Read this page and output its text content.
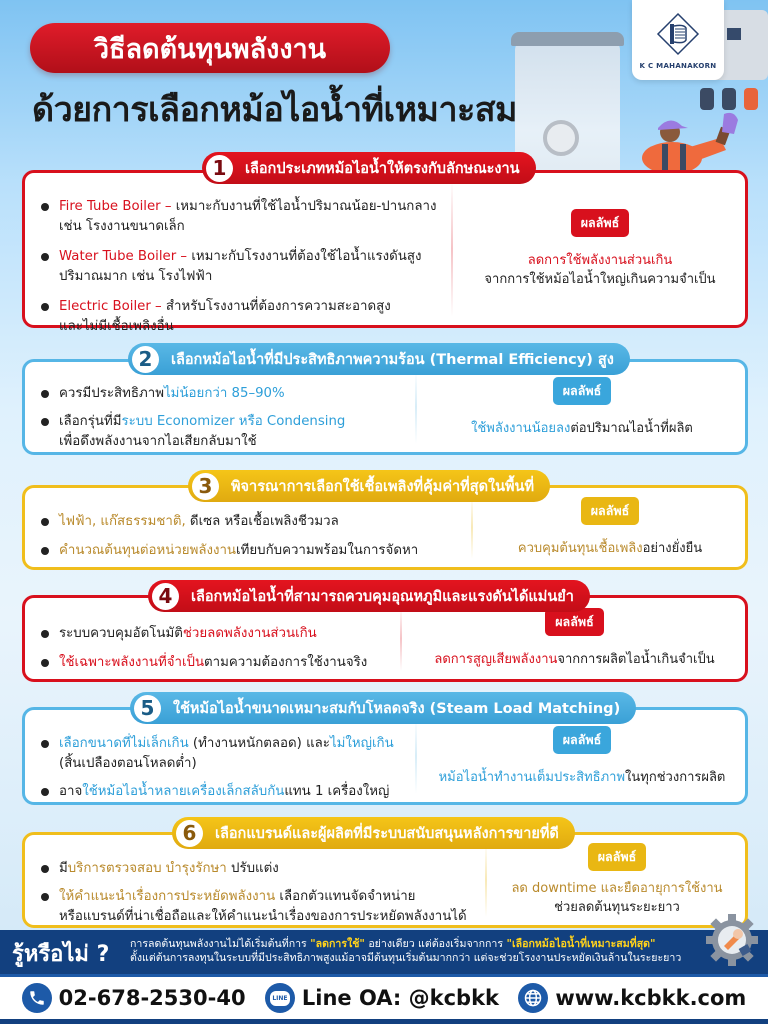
วิธีลดต้นทุนพลังงาน
ด้วยการเลือกหม้อไอน้ำที่เหมาะสม
K C MAHANAKORN
Fire Tube Boiler – เหมาะกับงานที่ใช้ไอน้ำปริมาณน้อย-ปานกลาง
เช่น โรงงานขนาดเล็ก
Water Tube Boiler – เหมาะกับโรงงานที่ต้องใช้ไอน้ำแรงดันสูง
ปริมาณมาก เช่น โรงไฟฟ้า
Electric Boiler – สำหรับโรงงานที่ต้องการความสะอาดสูง
และไม่มีเชื้อเพลิงอื่น
ผลลัพธ์
ลดการใช้พลังงานส่วนเกิน
จากการใช้หม้อไอน้ำใหญ่เกินความจำเป็น
1	เลือกประเภทหม้อไอน้ำให้ตรงกับลักษณะงาน
ควรมีประสิทธิภาพไม่น้อยกว่า 85–90%
เลือกรุ่นที่มีระบบ Economizer หรือ Condensing
เพื่อดึงพลังงานจากไอเสียกลับมาใช้
ผลลัพธ์
ใช้พลังงานน้อยลงต่อปริมาณไอน้ำที่ผลิต
2	เลือกหม้อไอน้ำที่มีประสิทธิภาพความร้อน (Thermal Efficiency) สูง
ไฟฟ้า, แก๊สธรรมชาติ, ดีเซล หรือเชื้อเพลิงชีวมวล
คำนวณต้นทุนต่อหน่วยพลังงานเทียบกับความพร้อมในการจัดหา
ผลลัพธ์
ควบคุมต้นทุนเชื้อเพลิงอย่างยั่งยืน
3	พิจารณาการเลือกใช้เชื้อเพลิงที่คุ้มค่าที่สุดในพื้นที่
ระบบควบคุมอัตโนมัติช่วยลดพลังงานส่วนเกิน
ใช้เฉพาะพลังงานที่จำเป็นตามความต้องการใช้งานจริง
ผลลัพธ์
ลดการสูญเสียพลังงานจากการผลิตไอน้ำเกินจำเป็น
4	เลือกหม้อไอน้ำที่สามารถควบคุมอุณหภูมิและแรงดันได้แม่นยำ
เลือกขนาดที่ไม่เล็กเกิน (ทำงานหนักตลอด) และไม่ใหญ่เกิน
(สิ้นเปลืองตอนโหลดต่ำ)
อาจใช้หม้อไอน้ำหลายเครื่องเล็กสลับกันแทน 1 เครื่องใหญ่
ผลลัพธ์
หม้อไอน้ำทำงานเต็มประสิทธิภาพในทุกช่วงการผลิต
5	ใช้หม้อไอน้ำขนาดเหมาะสมกับโหลดจริง (Steam Load Matching)
มีบริการตรวจสอบ บำรุงรักษา ปรับแต่ง
ให้คำแนะนำเรื่องการประหยัดพลังงาน เลือกตัวแทนจัดจำหน่าย
หรือแบรนด์ที่น่าเชื่อถือและให้คำแนะนำเรื่องของการประหยัดพลังงานได้
ผลลัพธ์
ลด downtime และยืดอายุการใช้งาน
ช่วยลดต้นทุนระยะยาว
6	เลือกแบรนด์และผู้ผลิตที่มีระบบสนับสนุนหลังการขายที่ดี
รู้หรือไม่ ? การลดต้นทุนพลังงานไม่ได้เริ่มต้นที่การ "ลดการใช้" อย่างเดียว แต่ต้องเริ่มจากการ "เลือกหม้อไอน้ำที่เหมาะสมที่สุด"
ตั้งแต่ต้นการลงทุนในระบบที่มีประสิทธิภาพสูงแม้อาจมีต้นทุนเริ่มต้นมากกว่า แต่จะช่วยโรงงานประหยัดเงินล้านในระยะยาว
02-678-2530-40	LINE Line OA: @kcbkk	www.kcbkk.com
